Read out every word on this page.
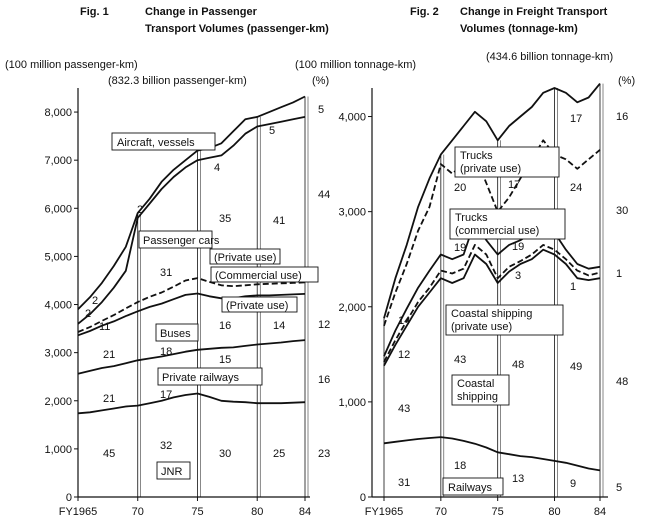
Fig. 1	Change in Passenger
Transport Volumes (passenger-km)
Fig. 2 Change in Freight Transport
Volumes (tonnage-km)
(100 million passenger-km)
(832.3 billion passenger-km)	(%)
(100 million tonnage-km)
(434.6 billion tonnage-km)
(%)
0
1,000
2,000
3,000
4,000
5,000
6,000
7,000
8,000
FY1965	70	75	80	84
0
1,000
2,000
3,000
4,000
FY1965	70	75	80	84
Aircraft, vessels
Passenger cars
(Private use)
(Commercial use)
(Private use)
Buses
Private railways
JNR
Trucks
(private use)
Trucks
(commercial use)
Coastal shipping
(private use)
Coastal
shipping
Railways
45
21
21
11
2
2
32
17
18
31
2
30
15
16
35
4
25
14
41
5
23
16
12
44
5
31
43
12
14
18
43
19
20
13
48
3
19
17
9
49
1
24
17
5
48
1
30
16
